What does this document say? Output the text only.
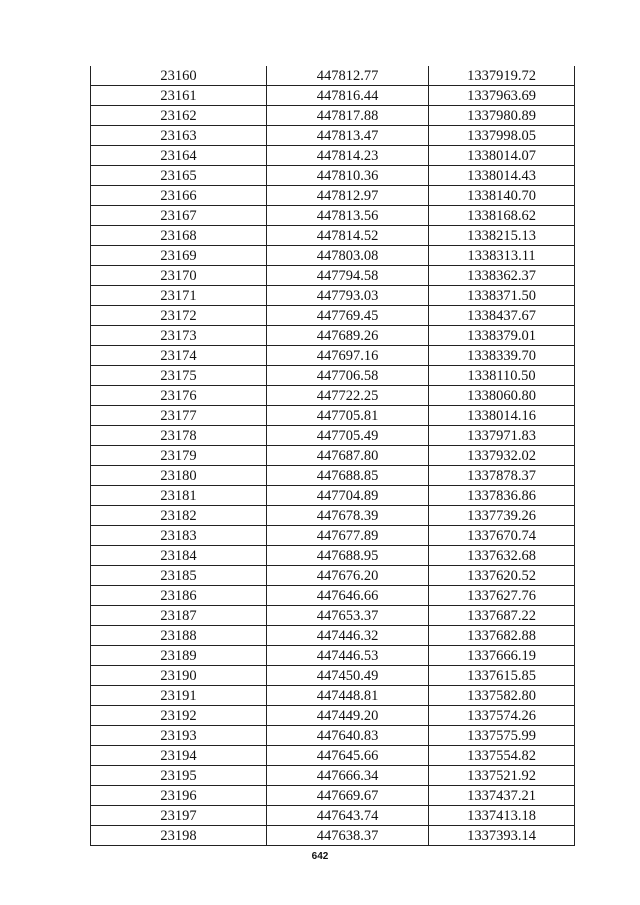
23160	447812.77	1337919.72
23161	447816.44	1337963.69
23162	447817.88	1337980.89
23163	447813.47	1337998.05
23164	447814.23	1338014.07
23165	447810.36	1338014.43
23166	447812.97	1338140.70
23167	447813.56	1338168.62
23168	447814.52	1338215.13
23169	447803.08	1338313.11
23170	447794.58	1338362.37
23171	447793.03	1338371.50
23172	447769.45	1338437.67
23173	447689.26	1338379.01
23174	447697.16	1338339.70
23175	447706.58	1338110.50
23176	447722.25	1338060.80
23177	447705.81	1338014.16
23178	447705.49	1337971.83
23179	447687.80	1337932.02
23180	447688.85	1337878.37
23181	447704.89	1337836.86
23182	447678.39	1337739.26
23183	447677.89	1337670.74
23184	447688.95	1337632.68
23185	447676.20	1337620.52
23186	447646.66	1337627.76
23187	447653.37	1337687.22
23188	447446.32	1337682.88
23189	447446.53	1337666.19
23190	447450.49	1337615.85
23191	447448.81	1337582.80
23192	447449.20	1337574.26
23193	447640.83	1337575.99
23194	447645.66	1337554.82
23195	447666.34	1337521.92
23196	447669.67	1337437.21
23197	447643.74	1337413.18
23198	447638.37	1337393.14
642
